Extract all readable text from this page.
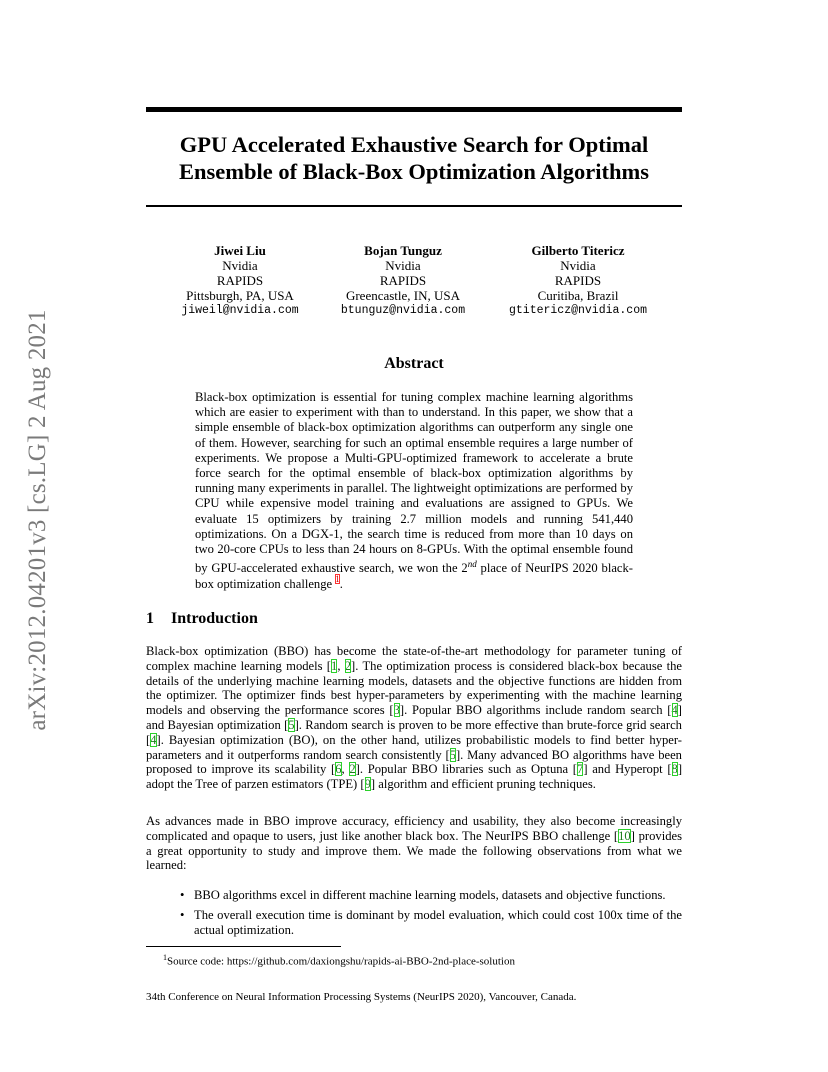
arXiv:2012.04201v3 [cs.LG] 2 Aug 2021
GPU Accelerated Exhaustive Search for Optimal
Ensemble of Black-Box Optimization Algorithms
Jiwei Liu
Nvidia
RAPIDS
Pittsburgh, PA, USA
jiweil@nvidia.com
Bojan Tunguz
Nvidia
RAPIDS
Greencastle, IN, USA
btunguz@nvidia.com
Gilberto Titericz
Nvidia
RAPIDS
Curitiba, Brazil
gtitericz@nvidia.com
Abstract
Black-box optimization is essential for tuning complex machine learning algorithms which are easier to experiment with than to understand. In this paper, we show that a simple ensemble of black-box optimization algorithms can outperform any single one of them. However, searching for such an optimal ensemble requires a large number of experiments. We propose a Multi-GPU-optimized framework to accelerate a brute force search for the optimal ensemble of black-box optimization algorithms by running many experiments in parallel. The lightweight optimizations are performed by CPU while expensive model training and evaluations are assigned to GPUs. We evaluate 15 optimizers by training 2.7 million models and running 541,440 optimizations. On a DGX-1, the search time is reduced from more than 10 days on two 20-core CPUs to less than 24 hours on 8-GPUs. With the optimal ensemble found by GPU-accelerated exhaustive search, we won the 2nd place of NeurIPS 2020 black-box optimization challenge $^1$.
1 Introduction
Black-box optimization (BBO) has become the state-of-the-art methodology for parameter tuning of complex machine learning models [1, 2]. The optimization process is considered black-box because the details of the underlying machine learning models, datasets and the objective functions are hidden from the optimizer. The optimizer finds best hyper-parameters by experimenting with the machine learning models and observing the performance scores [3]. Popular BBO algorithms include random search [4] and Bayesian optimization [5]. Random search is proven to be more effective than brute-force grid search [4]. Bayesian optimization (BO), on the other hand, utilizes probabilistic models to find better hyper-parameters and it outperforms random search consistently [5]. Many advanced BO algorithms have been proposed to improve its scalability [6, 2]. Popular BBO libraries such as Optuna [7] and Hyperopt [8] adopt the Tree of parzen estimators (TPE) [9] algorithm and efficient pruning techniques.
As advances made in BBO improve accuracy, efficiency and usability, they also become increasingly complicated and opaque to users, just like another black box. The NeurIPS BBO challenge [10] provides a great opportunity to study and improve them. We made the following observations from what we learned:
• BBO algorithms excel in different machine learning models, datasets and objective functions.
• The overall execution time is dominant by model evaluation, which could cost 100x time of the actual optimization.
$^1$Source code: https://github.com/daxiongshu/rapids-ai-BBO-2nd-place-solution
34th Conference on Neural Information Processing Systems (NeurIPS 2020), Vancouver, Canada.
